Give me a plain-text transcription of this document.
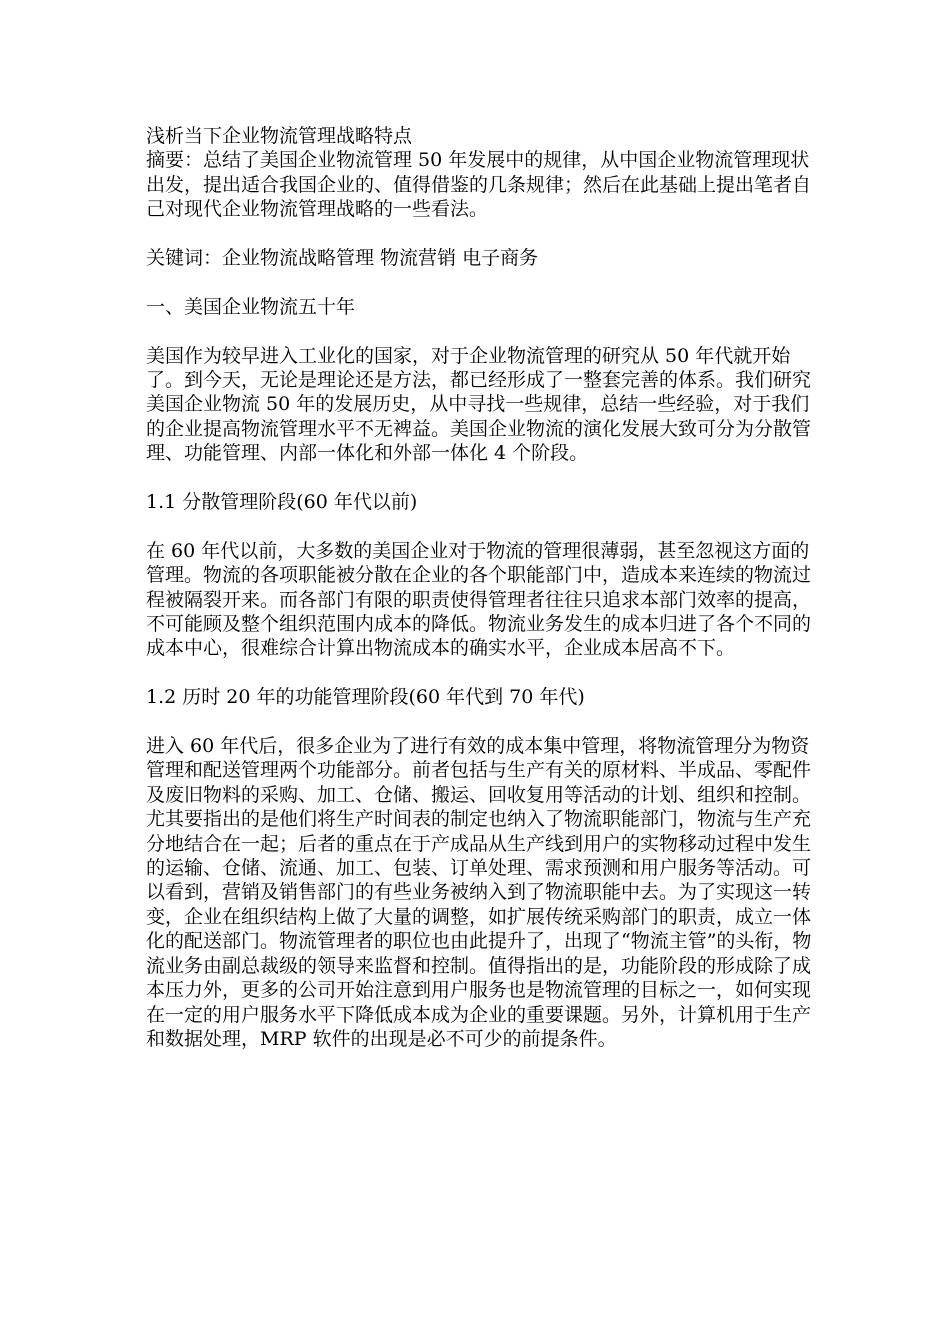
浅析当下企业物流管理战略特点

摘要：总结了美国企业物流管理 50 年发展中的规律，从中国企业物流管理现状出发，提出适合我国企业的、值得借鉴的几条规律；然后在此基础上提出笔者自己对现代企业物流管理战略的一些看法。

关键词：企业物流战略管理 物流营销 电子商务

一、美国企业物流五十年

美国作为较早进入工业化的国家，对于企业物流管理的研究从 50 年代就开始了。到今天，无论是理论还是方法，都已经形成了一整套完善的体系。我们研究美国企业物流 50 年的发展历史，从中寻找一些规律，总结一些经验，对于我们的企业提高物流管理水平不无裨益。美国企业物流的演化发展大致可分为分散管理、功能管理、内部一体化和外部一体化 4 个阶段。

1.1 分散管理阶段(60 年代以前)

在 60 年代以前，大多数的美国企业对于物流的管理很薄弱，甚至忽视这方面的管理。物流的各项职能被分散在企业的各个职能部门中，造成本来连续的物流过程被隔裂开来。而各部门有限的职责使得管理者往往只追求本部门效率的提高，不可能顾及整个组织范围内成本的降低。物流业务发生的成本归进了各个不同的成本中心，很难综合计算出物流成本的确实水平，企业成本居高不下。

1.2 历时 20 年的功能管理阶段(60 年代到 70 年代)

进入 60 年代后，很多企业为了进行有效的成本集中管理，将物流管理分为物资管理和配送管理两个功能部分。前者包括与生产有关的原材料、半成品、零配件及废旧物料的采购、加工、仓储、搬运、回收复用等活动的计划、组织和控制。尤其要指出的是他们将生产时间表的制定也纳入了物流职能部门，物流与生产充分地结合在一起；后者的重点在于产成品从生产线到用户的实物移动过程中发生的运输、仓储、流通、加工、包装、订单处理、需求预测和用户服务等活动。可以看到，营销及销售部门的有些业务被纳入到了物流职能中去。为了实现这一转变，企业在组织结构上做了大量的调整，如扩展传统采购部门的职责，成立一体化的配送部门。物流管理者的职位也由此提升了，出现了“物流主管”的头衔，物流业务由副总裁级的领导来监督和控制。值得指出的是，功能阶段的形成除了成本压力外，更多的公司开始注意到用户服务也是物流管理的目标之一，如何实现在一定的用户服务水平下降低成本成为企业的重要课题。另外，计算机用于生产和数据处理，MRP 软件的出现是必不可少的前提条件。
